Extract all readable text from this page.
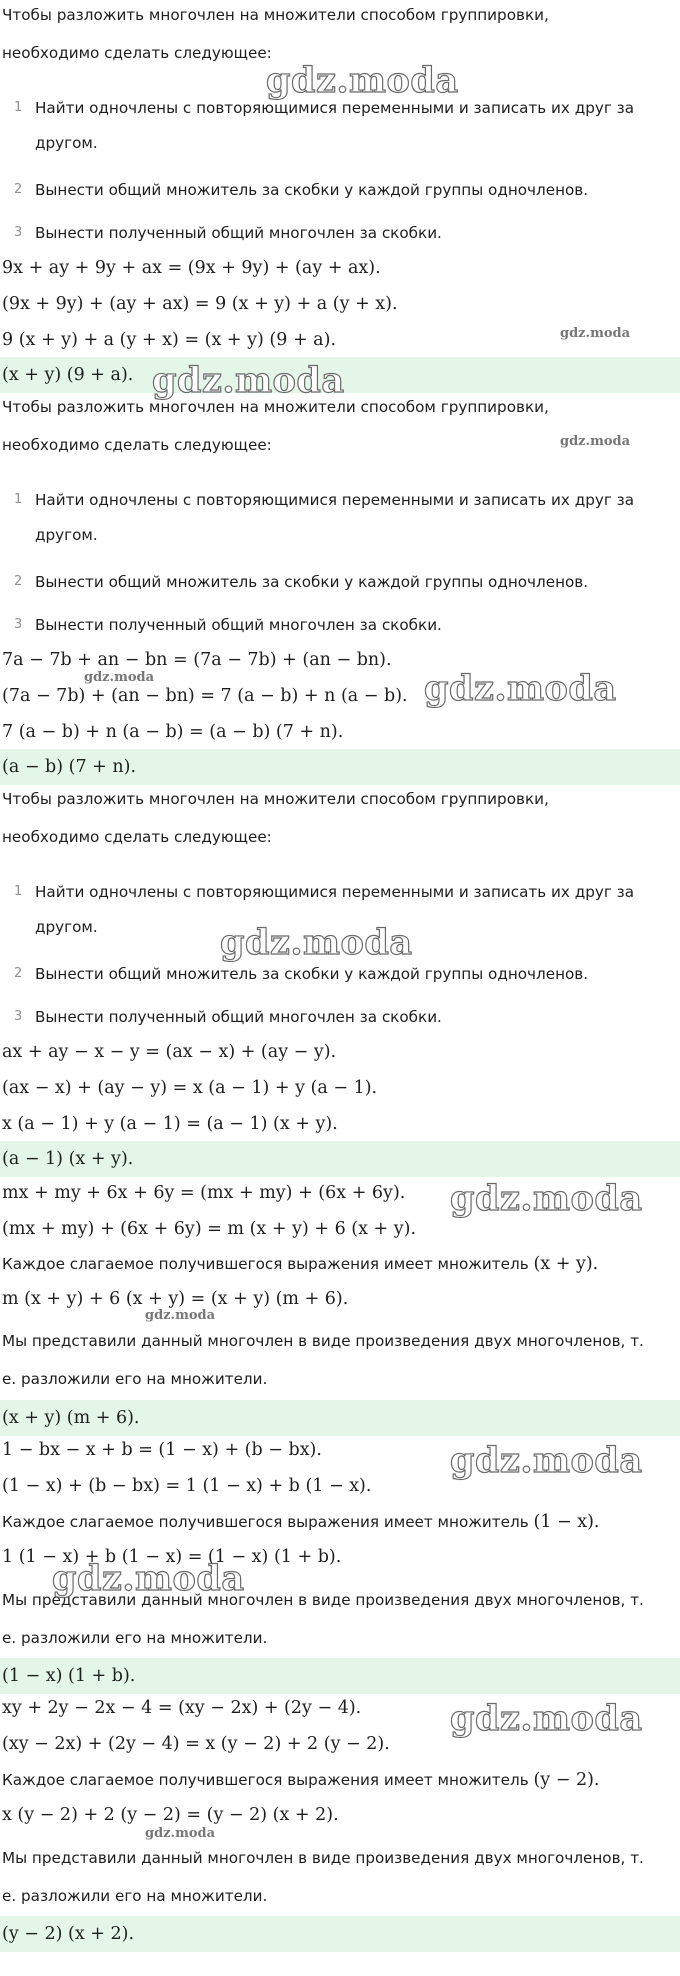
Чтобы разложить многочлен на множители способом группировки,
необходимо сделать следующее:
1 Найти одночлены с повторяющимися переменными и записать их друг за
другом.
2 Вынести общий множитель за скобки у каждой группы одночленов.
3 Вынести полученный общий многочлен за скобки.
9x + ay + 9y + ax = (9x + 9y) + (ay + ax).
(9x + 9y) + (ay + ax) = 9 (x + y) + a (y + x).
9 (x + y) + a (y + x) = (x + y) (9 + a).
(x + y) (9 + a).
Чтобы разложить многочлен на множители способом группировки,
необходимо сделать следующее:
1 Найти одночлены с повторяющимися переменными и записать их друг за
другом.
2 Вынести общий множитель за скобки у каждой группы одночленов.
3 Вынести полученный общий многочлен за скобки.
7a − 7b + an − bn = (7a − 7b) + (an − bn).
(7a − 7b) + (an − bn) = 7 (a − b) + n (a − b).
7 (a − b) + n (a − b) = (a − b) (7 + n).
(a − b) (7 + n).
Чтобы разложить многочлен на множители способом группировки,
необходимо сделать следующее:
1 Найти одночлены с повторяющимися переменными и записать их друг за
другом.
2 Вынести общий множитель за скобки у каждой группы одночленов.
3 Вынести полученный общий многочлен за скобки.
ax + ay − x − y = (ax − x) + (ay − y).
(ax − x) + (ay − y) = x (a − 1) + y (a − 1).
x (a − 1) + y (a − 1) = (a − 1) (x + y).
(a − 1) (x + y).
mx + my + 6x + 6y = (mx + my) + (6x + 6y).
(mx + my) + (6x + 6y) = m (x + y) + 6 (x + y).
Каждое слагаемое получившегося выражения имеет множитель (x + y).
m (x + y) + 6 (x + y) = (x + y) (m + 6).
Мы представили данный многочлен в виде произведения двух многочленов, т.
е. разложили его на множители.
(x + y) (m + 6).
1 − bx − x + b = (1 − x) + (b − bx).
(1 − x) + (b − bx) = 1 (1 − x) + b (1 − x).
Каждое слагаемое получившегося выражения имеет множитель (1 − x).
1 (1 − x) + b (1 − x) = (1 − x) (1 + b).
Мы представили данный многочлен в виде произведения двух многочленов, т.
е. разложили его на множители.
(1 − x) (1 + b).
xy + 2y − 2x − 4 = (xy − 2x) + (2y − 4).
(xy − 2x) + (2y − 4) = x (y − 2) + 2 (y − 2).
Каждое слагаемое получившегося выражения имеет множитель (y − 2).
x (y − 2) + 2 (y − 2) = (y − 2) (x + 2).
Мы представили данный многочлен в виде произведения двух многочленов, т.
е. разложили его на множители.
(y − 2) (x + 2).
gdz.moda
gdz.moda
gdz.moda
gdz.moda
gdz.moda	gdz.moda
gdz.moda
gdz.moda
gdz.moda
gdz.moda
gdz.moda
gdz.moda
gdz.moda
